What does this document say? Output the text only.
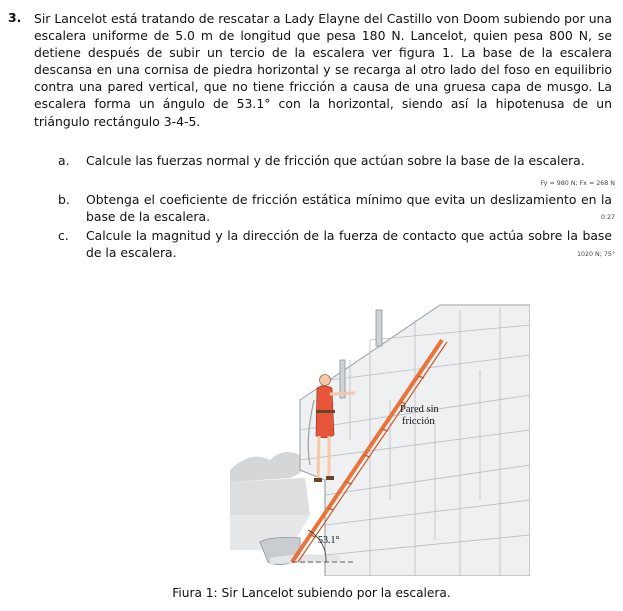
3. Sir Lancelot está tratando de rescatar a Lady Elayne del Castillo von Doom subiendo por una escalera uniforme de 5.0 m de longitud que pesa 180 N. Lancelot, quien pesa 800 N, se detiene después de subir un tercio de la escalera ver figura 1. La base de la escalera descansa en una cornisa de piedra horizontal y se recarga al otro lado del foso en equilibrio contra una pared vertical, que no tiene fricción a causa de una gruesa capa de musgo. La escalera forma un ángulo de 53.1° con la horizontal, siendo así la hipotenusa de un triángulo rectángulo 3-4-5.
a. Calcule las fuerzas normal y de fricción que actúan sobre la base de la escalera.
Fy = 980 N; Fx = 268 N
b. Obtenga el coeficiente de fricción estática mínimo que evita un deslizamiento en la base de la escalera.	0.27
c. Calcule la magnitud y la dirección de la fuerza de contacto que actúa sobre la base de la escalera.	1020 N; 75°
53.1°
Pared sin
fricción
Fiura 1: Sir Lancelot subiendo por la escalera.
